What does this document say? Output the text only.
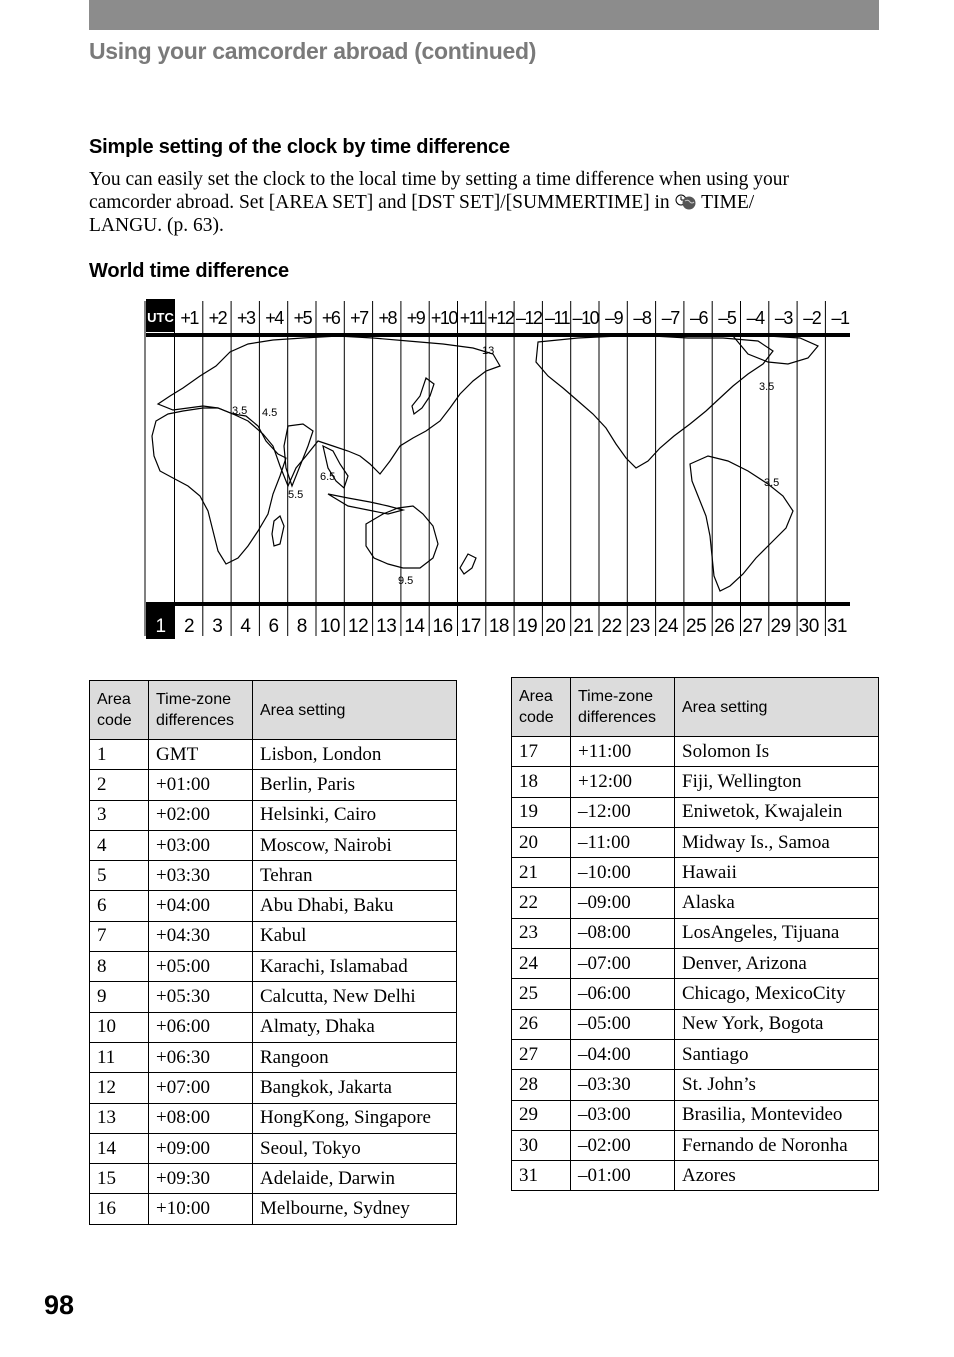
Using your camcorder abroad (continued)
Simple setting of the clock by time difference

You can easily set the clock to the local time by setting a time difference when using your
camcorder abroad. Set [AREA SET] and [DST SET]/[SUMMERTIME] in TIME/
LANGU. (p. 63).

World time difference
UTC +1 +2 +3 +4 +5 +6 +7 +8 +9 +10 +11 +12 –12 –11 –10 –9 –8 –7 –6 –5 –4 –3 –2 –1
3.5 4.5
5.5
6.5
9.5
13
3.5
3.5
1 2 3 4 6 8 10 12 13 14 16 17 18 19 20 21 22 23 24 25 26 27 29 30 31
Area code	Time-zone differences	Area setting
1	GMT	Lisbon, London
2	+01:00	Berlin, Paris
3	+02:00	Helsinki, Cairo
4	+03:00	Moscow, Nairobi
5	+03:30	Tehran
6	+04:00	Abu Dhabi, Baku
7	+04:30	Kabul
8	+05:00	Karachi, Islamabad
9	+05:30	Calcutta, New Delhi
10	+06:00	Almaty, Dhaka
11	+06:30	Rangoon
12	+07:00	Bangkok, Jakarta
13	+08:00	HongKong, Singapore
14	+09:00	Seoul, Tokyo
15	+09:30	Adelaide, Darwin
16	+10:00	Melbourne, Sydney
Area code	Time-zone differences	Area setting
17	+11:00	Solomon Is
18	+12:00	Fiji, Wellington
19	–12:00	Eniwetok, Kwajalein
20	–11:00	Midway Is., Samoa
21	–10:00	Hawaii
22	–09:00	Alaska
23	–08:00	LosAngeles, Tijuana
24	–07:00	Denver, Arizona
25	–06:00	Chicago, MexicoCity
26	–05:00	New York, Bogota
27	–04:00	Santiago
28	–03:30	St. John’s
29	–03:00	Brasilia, Montevideo
30	–02:00	Fernando de Noronha
31	–01:00	Azores

98
